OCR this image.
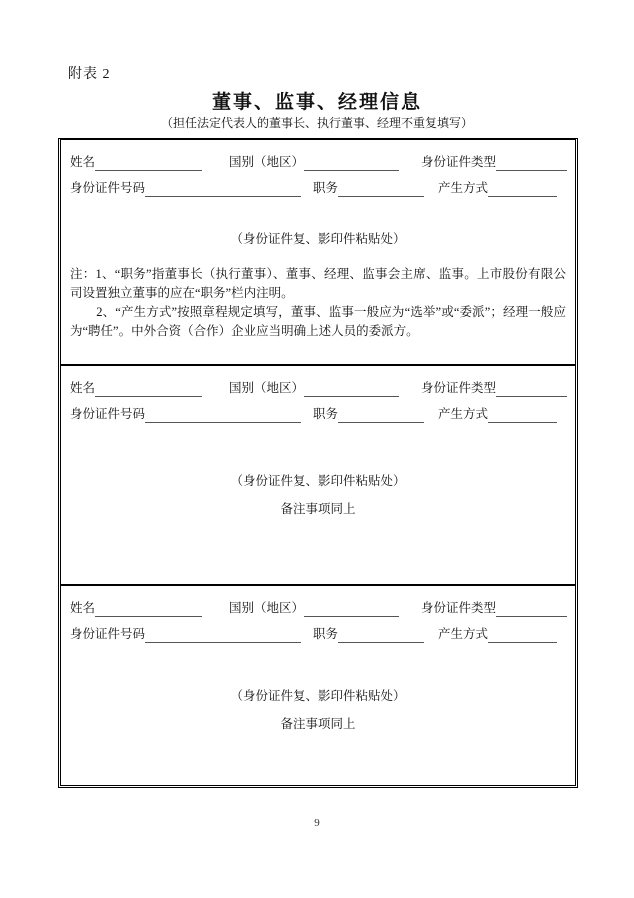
附表 2
董事、监事、经理信息
（担任法定代表人的董事长、执行董事、经理不重复填写）
姓名	国别（地区）	身份证件类型
身份证件号码	职务	产生方式
（身份证件复、影印件粘贴处）

注：1、“职务”指董事长（执行董事）、董事、经理、监事会主席、监事。上市股份有限公司设置独立董事的应在“职务”栏内注明。

2、“产生方式”按照章程规定填写，董事、监事一般应为“选举”或“委派”；经理一般应为“聘任”。中外合资（合作）企业应当明确上述人员的委派方。

姓名	国别（地区）	身份证件类型
身份证件号码	职务	产生方式
（身份证件复、影印件粘贴处）
备注事项同上
姓名	国别（地区）	身份证件类型
身份证件号码	职务	产生方式
（身份证件复、影印件粘贴处）
备注事项同上
9
